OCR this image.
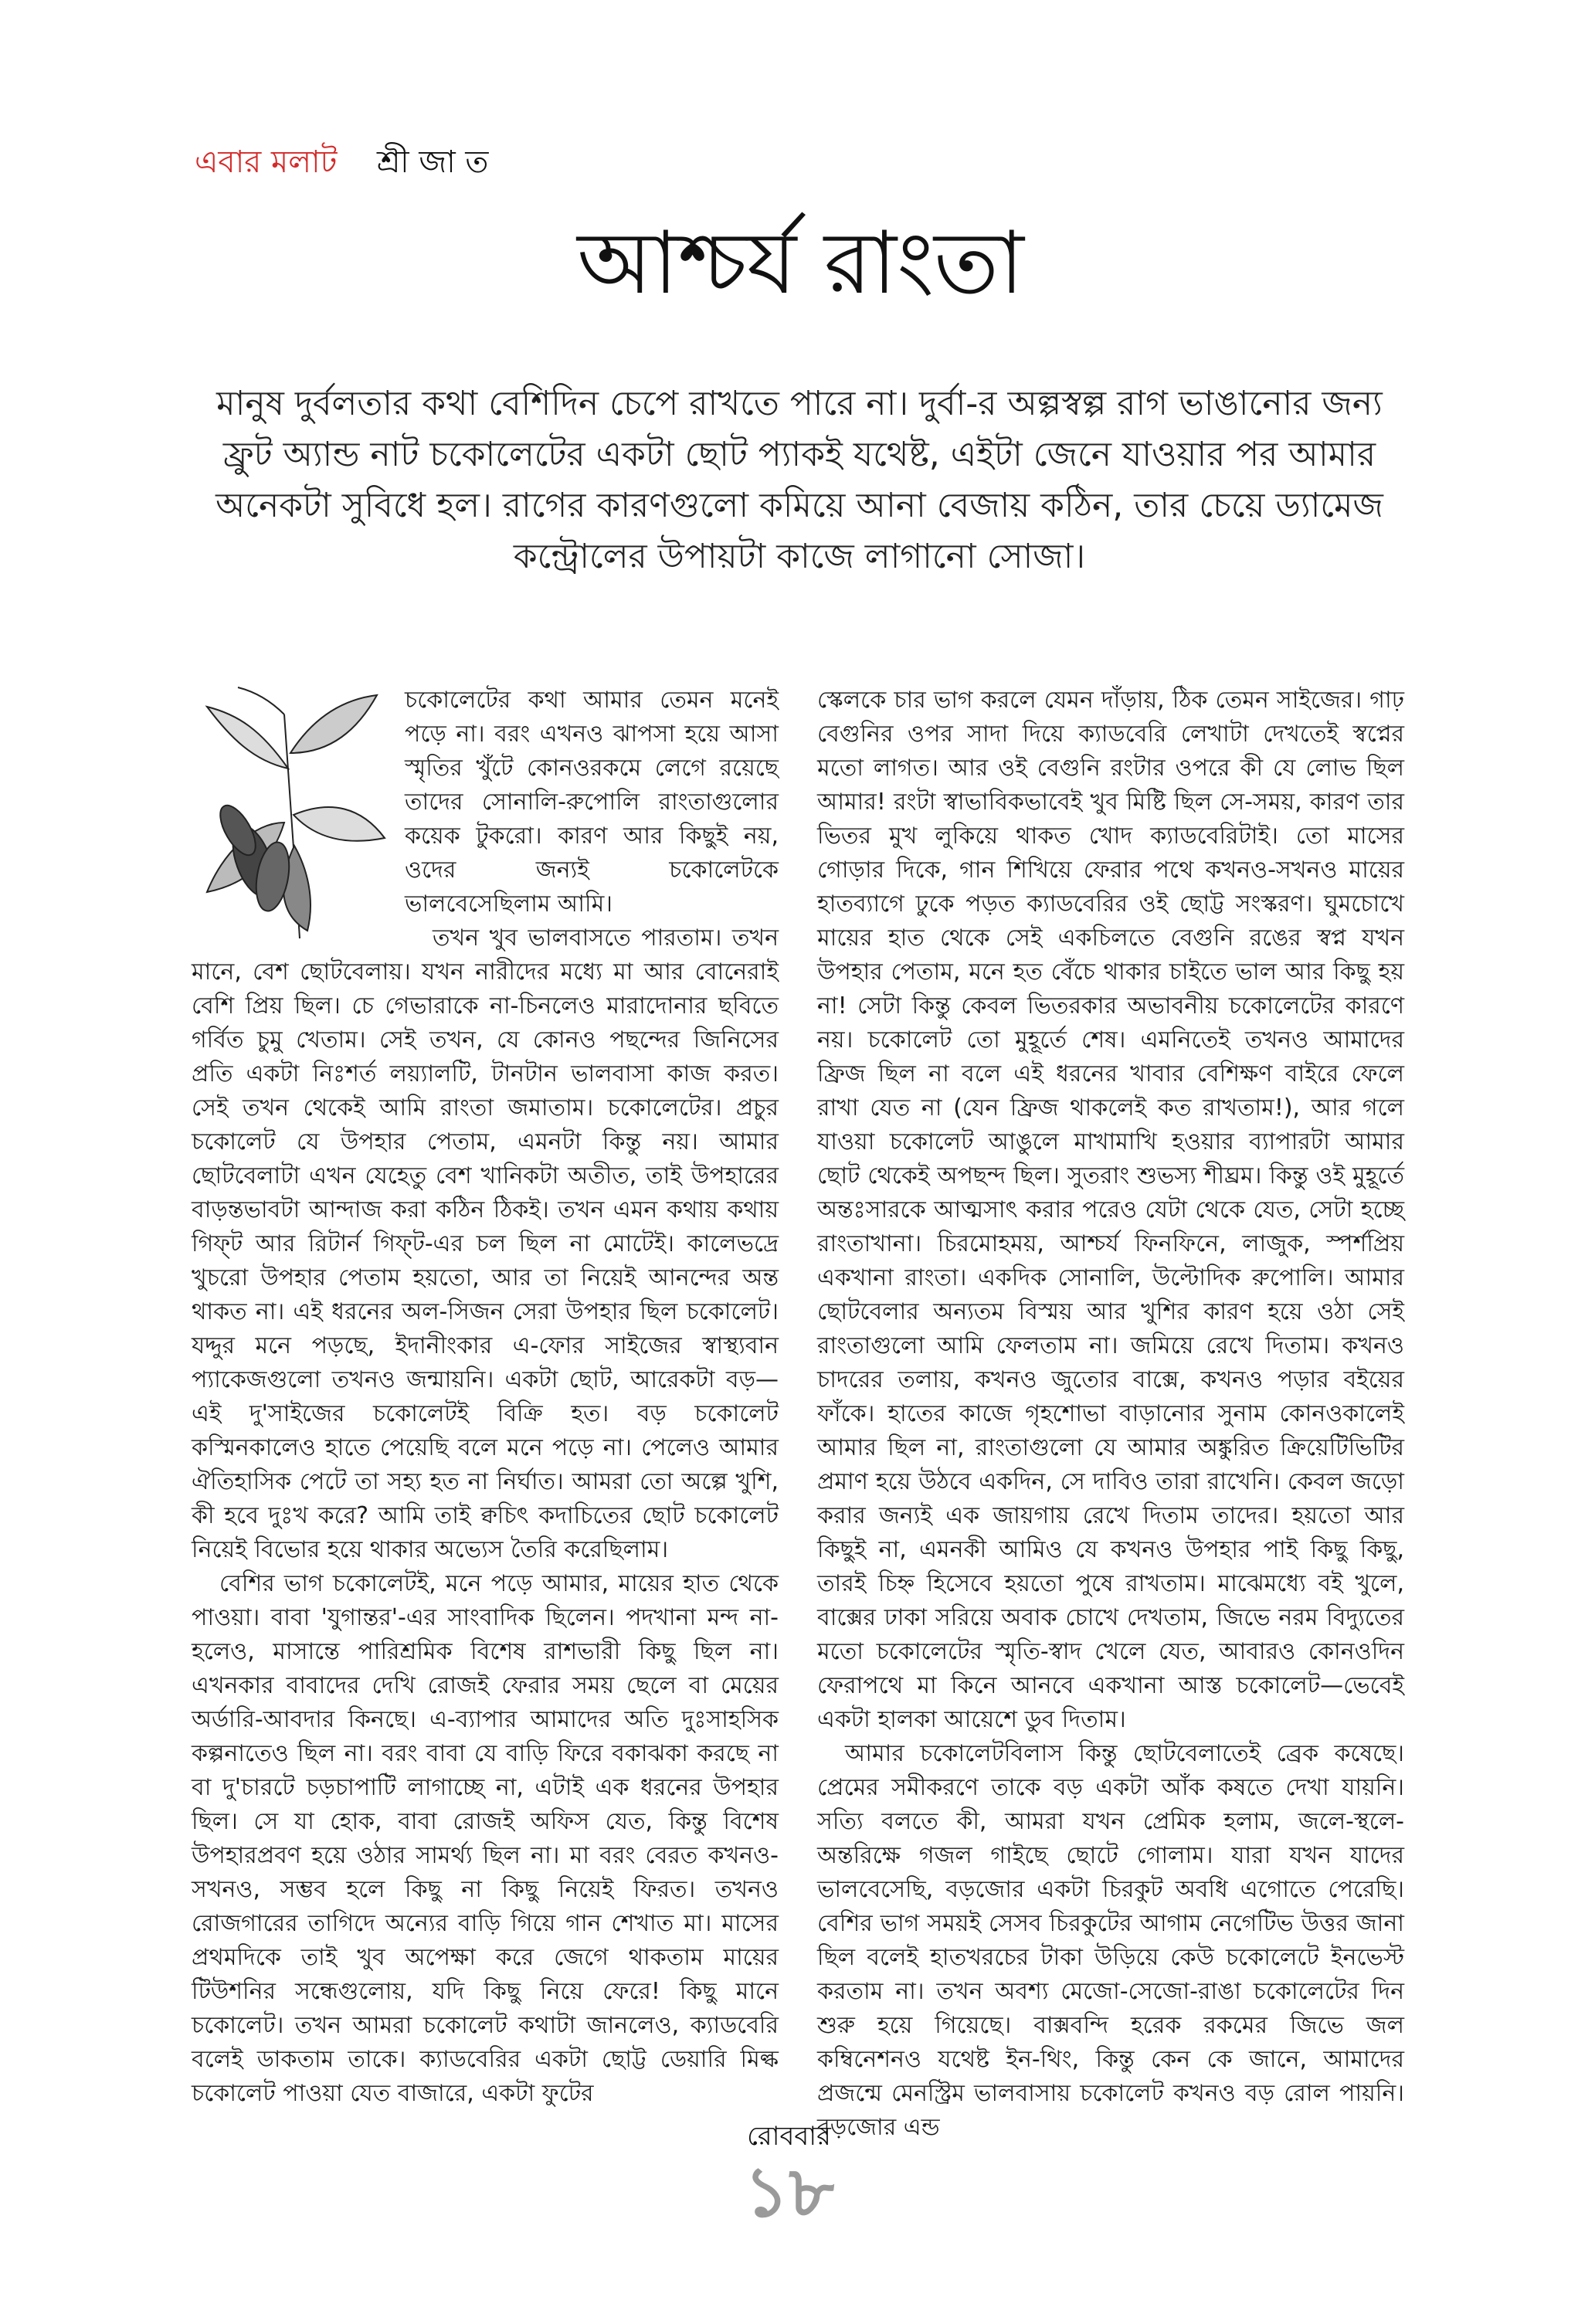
এবার মলাট শ্রী জা ত
আশ্চর্য রাংতা
মানুষ দুর্বলতার কথা বেশিদিন চেপে রাখতে পারে না। দুর্বা-র অল্পস্বল্প রাগ ভাঙানোর জন্য ফ্রুট অ্যান্ড নাট চকোলেটের একটা ছোট প্যাকই যথেষ্ট, এইটা জেনে যাওয়ার পর আমার অনেকটা সুবিধে হল। রাগের কারণগুলো কমিয়ে আনা বেজায় কঠিন, তার চেয়ে ড্যামেজ কন্ট্রোলের উপায়টা কাজে লাগানো সোজা।

চকোলেটের কথা আমার তেমন মনেই পড়ে না। বরং এখনও ঝাপসা হয়ে আসা স্মৃতির খুঁটে কোনওরকমে লেগে রয়েছে তাদের সোনালি-রুপোলি রাংতাগুলোর কয়েক টুকরো। কারণ আর কিছুই নয়, ওদের জন্যই চকোলেটকে ভালবেসেছিলাম আমি।

তখন খুব ভালবাসতে পারতাম। তখন মানে, বেশ ছোটবেলায়। যখন নারীদের মধ্যে মা আর বোনেরাই বেশি প্রিয় ছিল। চে গেভারাকে না-চিনলেও মারাদোনার ছবিতে গর্বিত চুমু খেতাম। সেই তখন, যে কোনও পছন্দের জিনিসের প্রতি একটা নিঃশর্ত লয়্যালটি, টানটান ভালবাসা কাজ করত। সেই তখন থেকেই আমি রাংতা জমাতাম। চকোলেটের। প্রচুর চকোলেট যে উপহার পেতাম, এমনটা কিন্তু নয়। আমার ছোটবেলাটা এখন যেহেতু বেশ খানিকটা অতীত, তাই উপহারের বাড়ন্তভাবটা আন্দাজ করা কঠিন ঠিকই। তখন এমন কথায় কথায় গিফ্‌ট আর রিটার্ন গিফ্‌ট-এর চল ছিল না মোটেই। কালেভদ্রে খুচরো উপহার পেতাম হয়তো, আর তা নিয়েই আনন্দের অন্ত থাকত না। এই ধরনের অল-সিজন সেরা উপহার ছিল চকোলেট। যদ্দুর মনে পড়ছে, ইদানীংকার এ-ফোর সাইজের স্বাস্থ্যবান প্যাকেজগুলো তখনও জন্মায়নি। একটা ছোট, আরেকটা বড়—এই দু'সাইজের চকোলেটই বিক্রি হত। বড় চকোলেট কস্মিনকালেও হাতে পেয়েছি বলে মনে পড়ে না। পেলেও আমার ঐতিহাসিক পেটে তা সহ্য হত না নির্ঘাত। আমরা তো অল্পে খুশি, কী হবে দুঃখ করে? আমি তাই ক্বচিৎ কদাচিতের ছোট চকোলেট নিয়েই বিভোর হয়ে থাকার অভ্যেস তৈরি করেছিলাম।

বেশির ভাগ চকোলেটই, মনে পড়ে আমার, মায়ের হাত থেকে পাওয়া। বাবা 'যুগান্তর'-এর সাংবাদিক ছিলেন। পদখানা মন্দ না-হলেও, মাসান্তে পারিশ্রমিক বিশেষ রাশভারী কিছু ছিল না। এখনকার বাবাদের দেখি রোজই ফেরার সময় ছেলে বা মেয়ের অর্ডারি-আবদার কিনছে। এ-ব্যাপার আমাদের অতি দুঃসাহসিক কল্পনাতেও ছিল না। বরং বাবা যে বাড়ি ফিরে বকাঝকা করছে না বা দু'চারটে চড়চাপাটি লাগাচ্ছে না, এটাই এক ধরনের উপহার ছিল। সে যা হোক, বাবা রোজই অফিস যেত, কিন্তু বিশেষ উপহারপ্রবণ হয়ে ওঠার সামর্থ্য ছিল না। মা বরং বেরত কখনও-সখনও, সম্ভব হলে কিছু না কিছু নিয়েই ফিরত। তখনও রোজগারের তাগিদে অন্যের বাড়ি গিয়ে গান শেখাত মা। মাসের প্রথমদিকে তাই খুব অপেক্ষা করে জেগে থাকতাম মায়ের টিউশনির সন্ধেগুলোয়, যদি কিছু নিয়ে ফেরে! কিছু মানে চকোলেট। তখন আমরা চকোলেট কথাটা জানলেও, ক্যাডবেরি বলেই ডাকতাম তাকে। ক্যাডবেরির একটা ছোট্ট ডেয়ারি মিল্ক চকোলেট পাওয়া যেত বাজারে, একটা ফুটের

স্কেলকে চার ভাগ করলে যেমন দাঁড়ায়, ঠিক তেমন সাইজের। গাঢ় বেগুনির ওপর সাদা দিয়ে ক্যাডবেরি লেখাটা দেখতেই স্বপ্নের মতো লাগত। আর ওই বেগুনি রংটার ওপরে কী যে লোভ ছিল আমার! রংটা স্বাভাবিকভাবেই খুব মিষ্টি ছিল সে-সময়, কারণ তার ভিতর মুখ লুকিয়ে থাকত খোদ ক্যাডবেরিটাই। তো মাসের গোড়ার দিকে, গান শিখিয়ে ফেরার পথে কখনও-সখনও মায়ের হাতব্যাগে ঢুকে পড়ত ক্যাডবেরির ওই ছোট্ট সংস্করণ। ঘুমচোখে মায়ের হাত থেকে সেই একচিলতে বেগুনি রঙের স্বপ্ন যখন উপহার পেতাম, মনে হত বেঁচে থাকার চাইতে ভাল আর কিছু হয় না! সেটা কিন্তু কেবল ভিতরকার অভাবনীয় চকোলেটের কারণে নয়। চকোলেট তো মুহূর্তে শেষ। এমনিতেই তখনও আমাদের ফ্রিজ ছিল না বলে এই ধরনের খাবার বেশিক্ষণ বাইরে ফেলে রাখা যেত না (যেন ফ্রিজ থাকলেই কত রাখতাম!), আর গলে যাওয়া চকোলেট আঙুলে মাখামাখি হওয়ার ব্যাপারটা আমার ছোট থেকেই অপছন্দ ছিল। সুতরাং শুভস্য শীঘ্রম। কিন্তু ওই মুহূর্তে অন্তঃসারকে আত্মসাৎ করার পরেও যেটা থেকে যেত, সেটা হচ্ছে রাংতাখানা। চিরমোহময়, আশ্চর্য ফিনফিনে, লাজুক, স্পর্শপ্রিয় একখানা রাংতা। একদিক সোনালি, উল্টোদিক রুপোলি। আমার ছোটবেলার অন্যতম বিস্ময় আর খুশির কারণ হয়ে ওঠা সেই রাংতাগুলো আমি ফেলতাম না। জমিয়ে রেখে দিতাম। কখনও চাদরের তলায়, কখনও জুতোর বাক্সে, কখনও পড়ার বইয়ের ফাঁকে। হাতের কাজে গৃহশোভা বাড়ানোর সুনাম কোনওকালেই আমার ছিল না, রাংতাগুলো যে আমার অঙ্কুরিত ক্রিয়েটিভিটির প্রমাণ হয়ে উঠবে একদিন, সে দাবিও তারা রাখেনি। কেবল জড়ো করার জন্যই এক জায়গায় রেখে দিতাম তাদের। হয়তো আর কিছুই না, এমনকী আমিও যে কখনও উপহার পাই কিছু কিছু, তারই চিহ্ন হিসেবে হয়তো পুষে রাখতাম। মাঝেমধ্যে বই খুলে, বাক্সের ঢাকা সরিয়ে অবাক চোখে দেখতাম, জিভে নরম বিদ্যুতের মতো চকোলেটের স্মৃতি-স্বাদ খেলে যেত, আবারও কোনওদিন ফেরাপথে মা কিনে আনবে একখানা আস্ত চকোলেট—ভেবেই একটা হালকা আয়েশে ডুব দিতাম।

আমার চকোলেটবিলাস কিন্তু ছোটবেলাতেই ব্রেক কষেছে। প্রেমের সমীকরণে তাকে বড় একটা আঁক কষতে দেখা যায়নি। সত্যি বলতে কী, আমরা যখন প্রেমিক হলাম, জলে-স্থলে-অন্তরিক্ষে গজল গাইছে ছোটে গোলাম। যারা যখন যাদের ভালবেসেছি, বড়জোর একটা চিরকুট অবধি এগোতে পেরেছি। বেশির ভাগ সময়ই সেসব চিরকুটের আগাম নেগেটিভ উত্তর জানা ছিল বলেই হাতখরচের টাকা উড়িয়ে কেউ চকোলেটে ইনভেস্ট করতাম না। তখন অবশ্য মেজো-সেজো-রাঙা চকোলেটের দিন শুরু হয়ে গিয়েছে। বাক্সবন্দি হরেক রকমের জিভে জল কম্বিনেশনও যথেষ্ট ইন-থিং, কিন্তু কেন কে জানে, আমাদের প্রজন্মে মেনস্ট্রিম ভালবাসায় চকোলেট কখনও বড় রোল পায়নি। বড়জোর এন্ড

রোববার
১৮
